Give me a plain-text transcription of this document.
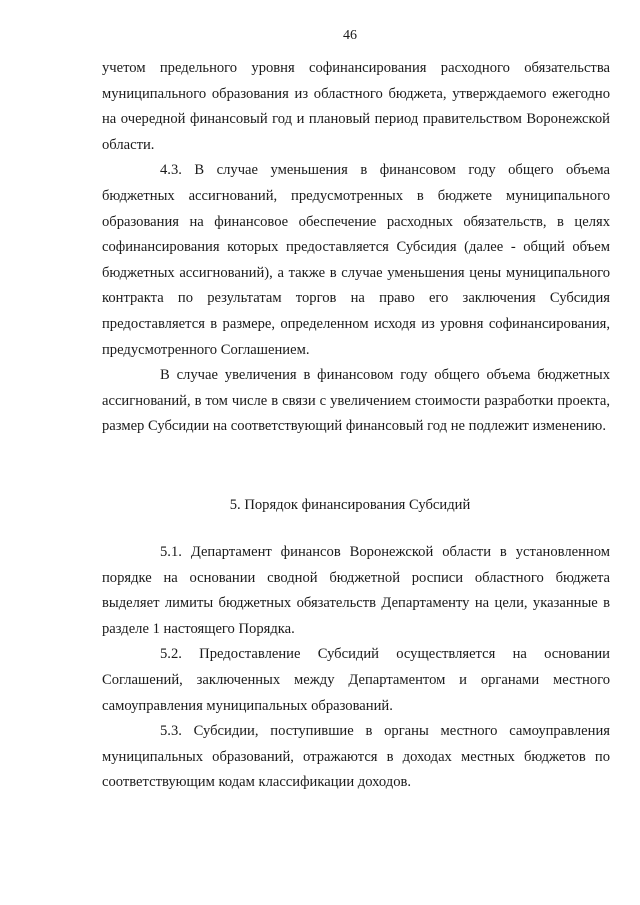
46

учетом предельного уровня софинансирования расходного обязательства муниципального образования из областного бюджета, утверждаемого ежегодно на очередной финансовый год и плановый период правительством Воронежской области.

4.3. В случае уменьшения в финансовом году общего объема бюджетных ассигнований, предусмотренных в бюджете муниципального образования на финансовое обеспечение расходных обязательств, в целях софинансирования которых предоставляется Субсидия (далее - общий объем бюджетных ассигнований), а также в случае уменьшения цены муниципального контракта по результатам торгов на право его заключения Субсидия предоставляется в размере, определенном исходя из уровня софинансирования, предусмотренного Соглашением.

В случае увеличения в финансовом году общего объема бюджетных ассигнований, в том числе в связи с увеличением стоимости разработки проекта, размер Субсидии на соответствующий финансовый год не подлежит изменению.

5. Порядок финансирования Субсидий

5.1. Департамент финансов Воронежской области в установленном порядке на основании сводной бюджетной росписи областного бюджета выделяет лимиты бюджетных обязательств Департаменту на цели, указанные в разделе 1 настоящего Порядка.

5.2. Предоставление Субсидий осуществляется на основании Соглашений, заключенных между Департаментом и органами местного самоуправления муниципальных образований.

5.3. Субсидии, поступившие в органы местного самоуправления муниципальных образований, отражаются в доходах местных бюджетов по соответствующим кодам классификации доходов.
